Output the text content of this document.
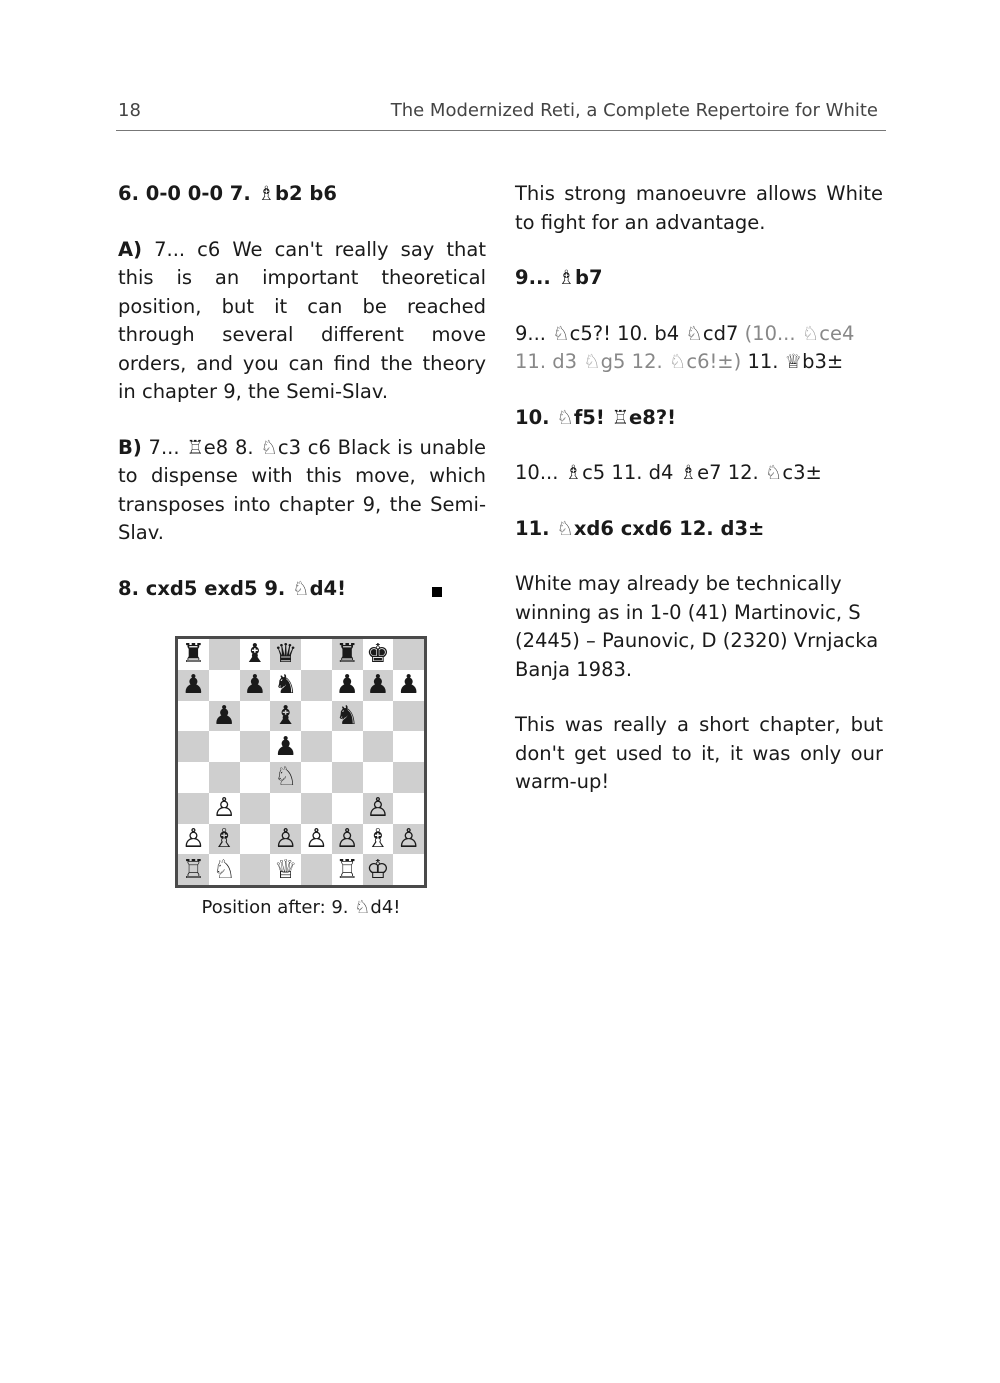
18	The Modernized Reti, a Complete Repertoire for White

6. 0-0 0-0 7. ♗b2 b6

A) 7... c6 We can't really say that this is an important theoretical position, but it can be reached through several different move orders, and you can find the theory in chapter 9, the Semi-Slav.

B) 7... ♖e8 8. ♘c3 c6 Black is unable to dispense with this move, which transposes into chapter 9, the Semi-Slav.

8. cxd5 exd5 9. ♘d4!

♜ ♝ ♛ ♜ ♚
♟ ♟ ♞ ♟ ♟ ♟
♟ ♝ ♞
♟
♘
♙	♙
♙ ♗ ♙ ♙ ♙ ♗ ♙
♖ ♘ ♕ ♖ ♔
Position after: 9. ♘d4!

This strong manoeuvre allows White to fight for an advantage.

9... ♗b7

9... ♘c5?! 10. b4 ♘cd7 (10... ♘ce4 11. d3 ♘g5 12. ♘c6!±) 11. ♕b3±

10. ♘f5! ♖e8?!

10... ♗c5 11. d4 ♗e7 12. ♘c3±

11. ♘xd6 cxd6 12. d3±

White may already be technically winning as in 1-0 (41) Martinovic, S (2445) – Paunovic, D (2320) Vrnjacka Banja 1983.

This was really a short chapter, but don't get used to it, it was only our warm-up!
